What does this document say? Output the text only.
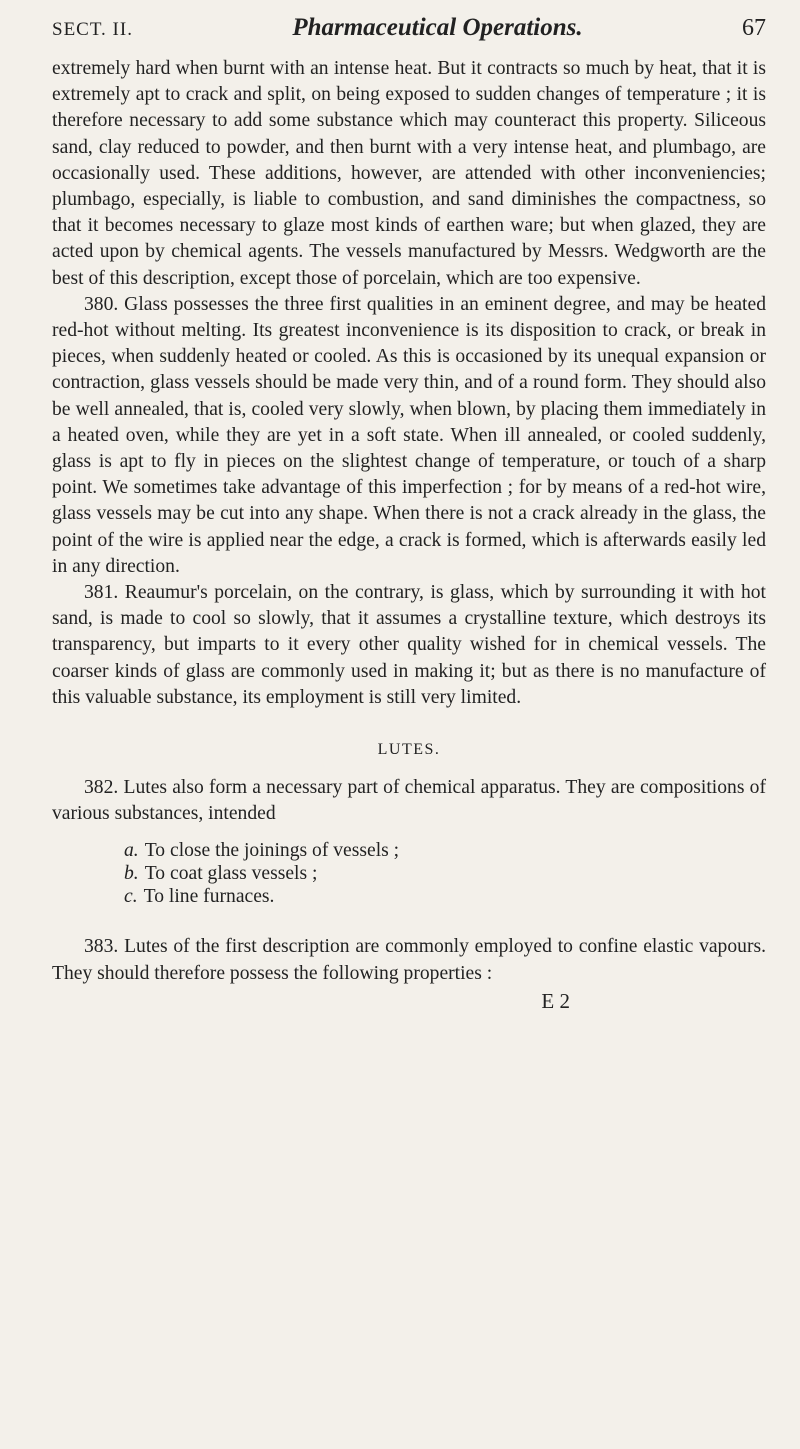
SECT. II.	Pharmaceutical Operations.	67

extremely hard when burnt with an intense heat. But it contracts so much by heat, that it is extremely apt to crack and split, on being exposed to sudden changes of temperature ; it is therefore necessary to add some substance which may counteract this property. Siliceous sand, clay reduced to powder, and then burnt with a very intense heat, and plumbago, are occasionally used. These additions, however, are attended with other inconveniencies; plumbago, especially, is liable to combustion, and sand diminishes the compactness, so that it becomes necessary to glaze most kinds of earthen ware; but when glazed, they are acted upon by chemical agents. The vessels manufactured by Messrs. Wedgworth are the best of this description, except those of porcelain, which are too expensive.

380. Glass possesses the three first qualities in an eminent degree, and may be heated red-hot without melting. Its greatest inconvenience is its disposition to crack, or break in pieces, when suddenly heated or cooled. As this is occasioned by its unequal expansion or contraction, glass vessels should be made very thin, and of a round form. They should also be well annealed, that is, cooled very slowly, when blown, by placing them immediately in a heated oven, while they are yet in a soft state. When ill annealed, or cooled suddenly, glass is apt to fly in pieces on the slightest change of temperature, or touch of a sharp point. We sometimes take advantage of this imperfection ; for by means of a red-hot wire, glass vessels may be cut into any shape. When there is not a crack already in the glass, the point of the wire is applied near the edge, a crack is formed, which is afterwards easily led in any direction.

381. Reaumur's porcelain, on the contrary, is glass, which by surrounding it with hot sand, is made to cool so slowly, that it assumes a crystalline texture, which destroys its transparency, but imparts to it every other quality wished for in chemical vessels. The coarser kinds of glass are commonly used in making it; but as there is no manufacture of this valuable substance, its employment is still very limited.

LUTES.

382. Lutes also form a necessary part of chemical apparatus. They are compositions of various substances, intended

a. To close the joinings of vessels ;
b. To coat glass vessels ;
c. To line furnaces.

383. Lutes of the first description are commonly employed to confine elastic vapours. They should therefore possess the following properties :

E 2
